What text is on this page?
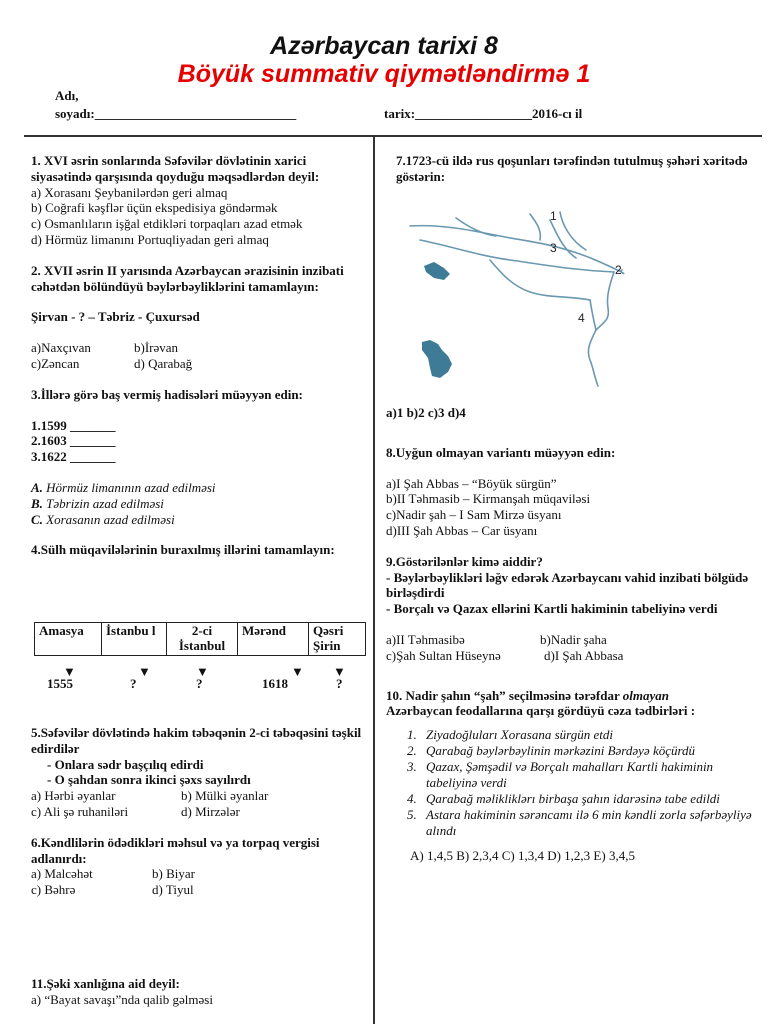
Azərbaycan tarixi 8
Böyük summativ qiymətləndirmə 1
Adı,
soyadı:_______________________________	tarix:__________________2016-cı il

1. XVI əsrin sonlarında Səfəvilər dövlətinin xarici siyasətində qarşısında qoyduğu məqsədlərdən deyil:

a) Xorasanı Şeybanilərdən geri almaq

b) Coğrafi kəşflər üçün ekspedisiya göndərmək

c) Osmanlıların işğal etdikləri torpaqları azad etmək

d) Hörmüz limanını Portuqliyadan geri almaq

2. XVII əsrin II yarısında Azərbaycan ərazisinin inzibati cəhətdən bölündüyü bəylərbəyliklərini tamamlayın:

Şirvan - ? – Təbriz - Çuxursəd

a)Naxçıvan	b)İrəvan
c)Zəncan	d) Qarabağ

3.İllərə görə baş vermiş hadisələri müəyyən edin:

1.1599 _______

2.1603 _______

3.1622 _______

A. Hörmüz limanının azad edilməsi

B. Təbrizin azad edilməsi

C. Xorasanın azad edilməsi

4.Sülh müqavilələrinin buraxılmış illərini tamamlayın:

Amasya	İstanbu l	2-ci İstanbul	Mərənd	Qəsri Şirin
▼	▼	▼	▼ ▼
1555	?	?	1618	?

5.Səfəvilər dövlətində hakim təbəqənin 2-ci təbəqəsini təşkil edirdilər

- Onlara sədr başçılıq edirdi

- O şahdan sonra ikinci şəxs sayılırdı

a) Hərbi əyanlar	b) Mülki əyanlar
c) Ali şə ruhaniləri	d) Mirzələr

6.Kəndlilərin ödədikləri məhsul və ya torpaq vergisi adlanırdı:

a) Malcəhət	b) Biyar
c) Bəhrə	d) Tiyul

11.Şəki xanlığına aid deyil:

a) “Bayat savaşı”nda qalib gəlməsi

7.1723-cü ildə rus qoşunları tərəfindən tutulmuş şəhəri xəritədə göstərin:

1
2
3
4

a)1 b)2 c)3 d)4

8.Uyğun olmayan variantı müəyyən edin:

a)I Şah Abbas – “Böyük sürgün”

b)II Təhmasib – Kirmanşah müqaviləsi

c)Nadir şah – I Sam Mirzə üsyanı

d)III Şah Abbas – Car üsyanı

9.Göstərilənlər kimə aiddir?

- Bəylərbəylikləri ləğv edərək Azərbaycanı vahid inzibati bölgüdə birləşdirdi

- Borçalı və Qazax ellərini Kartli hakiminin tabeliyinə verdi

a)II Təhmasibə	b)Nadir şaha
c)Şah Sultan Hüseynə	d)I Şah Abbasa

10. Nadir şahın “şah” seçilməsinə tərəfdar olmayan

Azərbaycan feodallarına qarşı gördüyü cəza tədbirləri :

1. Ziyadoğluları Xorasana sürgün etdi
2. Qarabağ bəylərbəylinin mərkəzini Bərdəyə köçürdü
3. Qazax, Şəmşədil və Borçalı mahalları Kartli hakiminin tabeliyinə verdi
4. Qarabağ məlikliklərı birbaşa şahın idarəsinə tabe edildi
5. Astara hakiminin sərəncamı ilə 6 min kəndli zorla səfərbəyliyə alındı

A) 1,4,5 B) 2,3,4 C) 1,3,4 D) 1,2,3 E) 3,4,5
